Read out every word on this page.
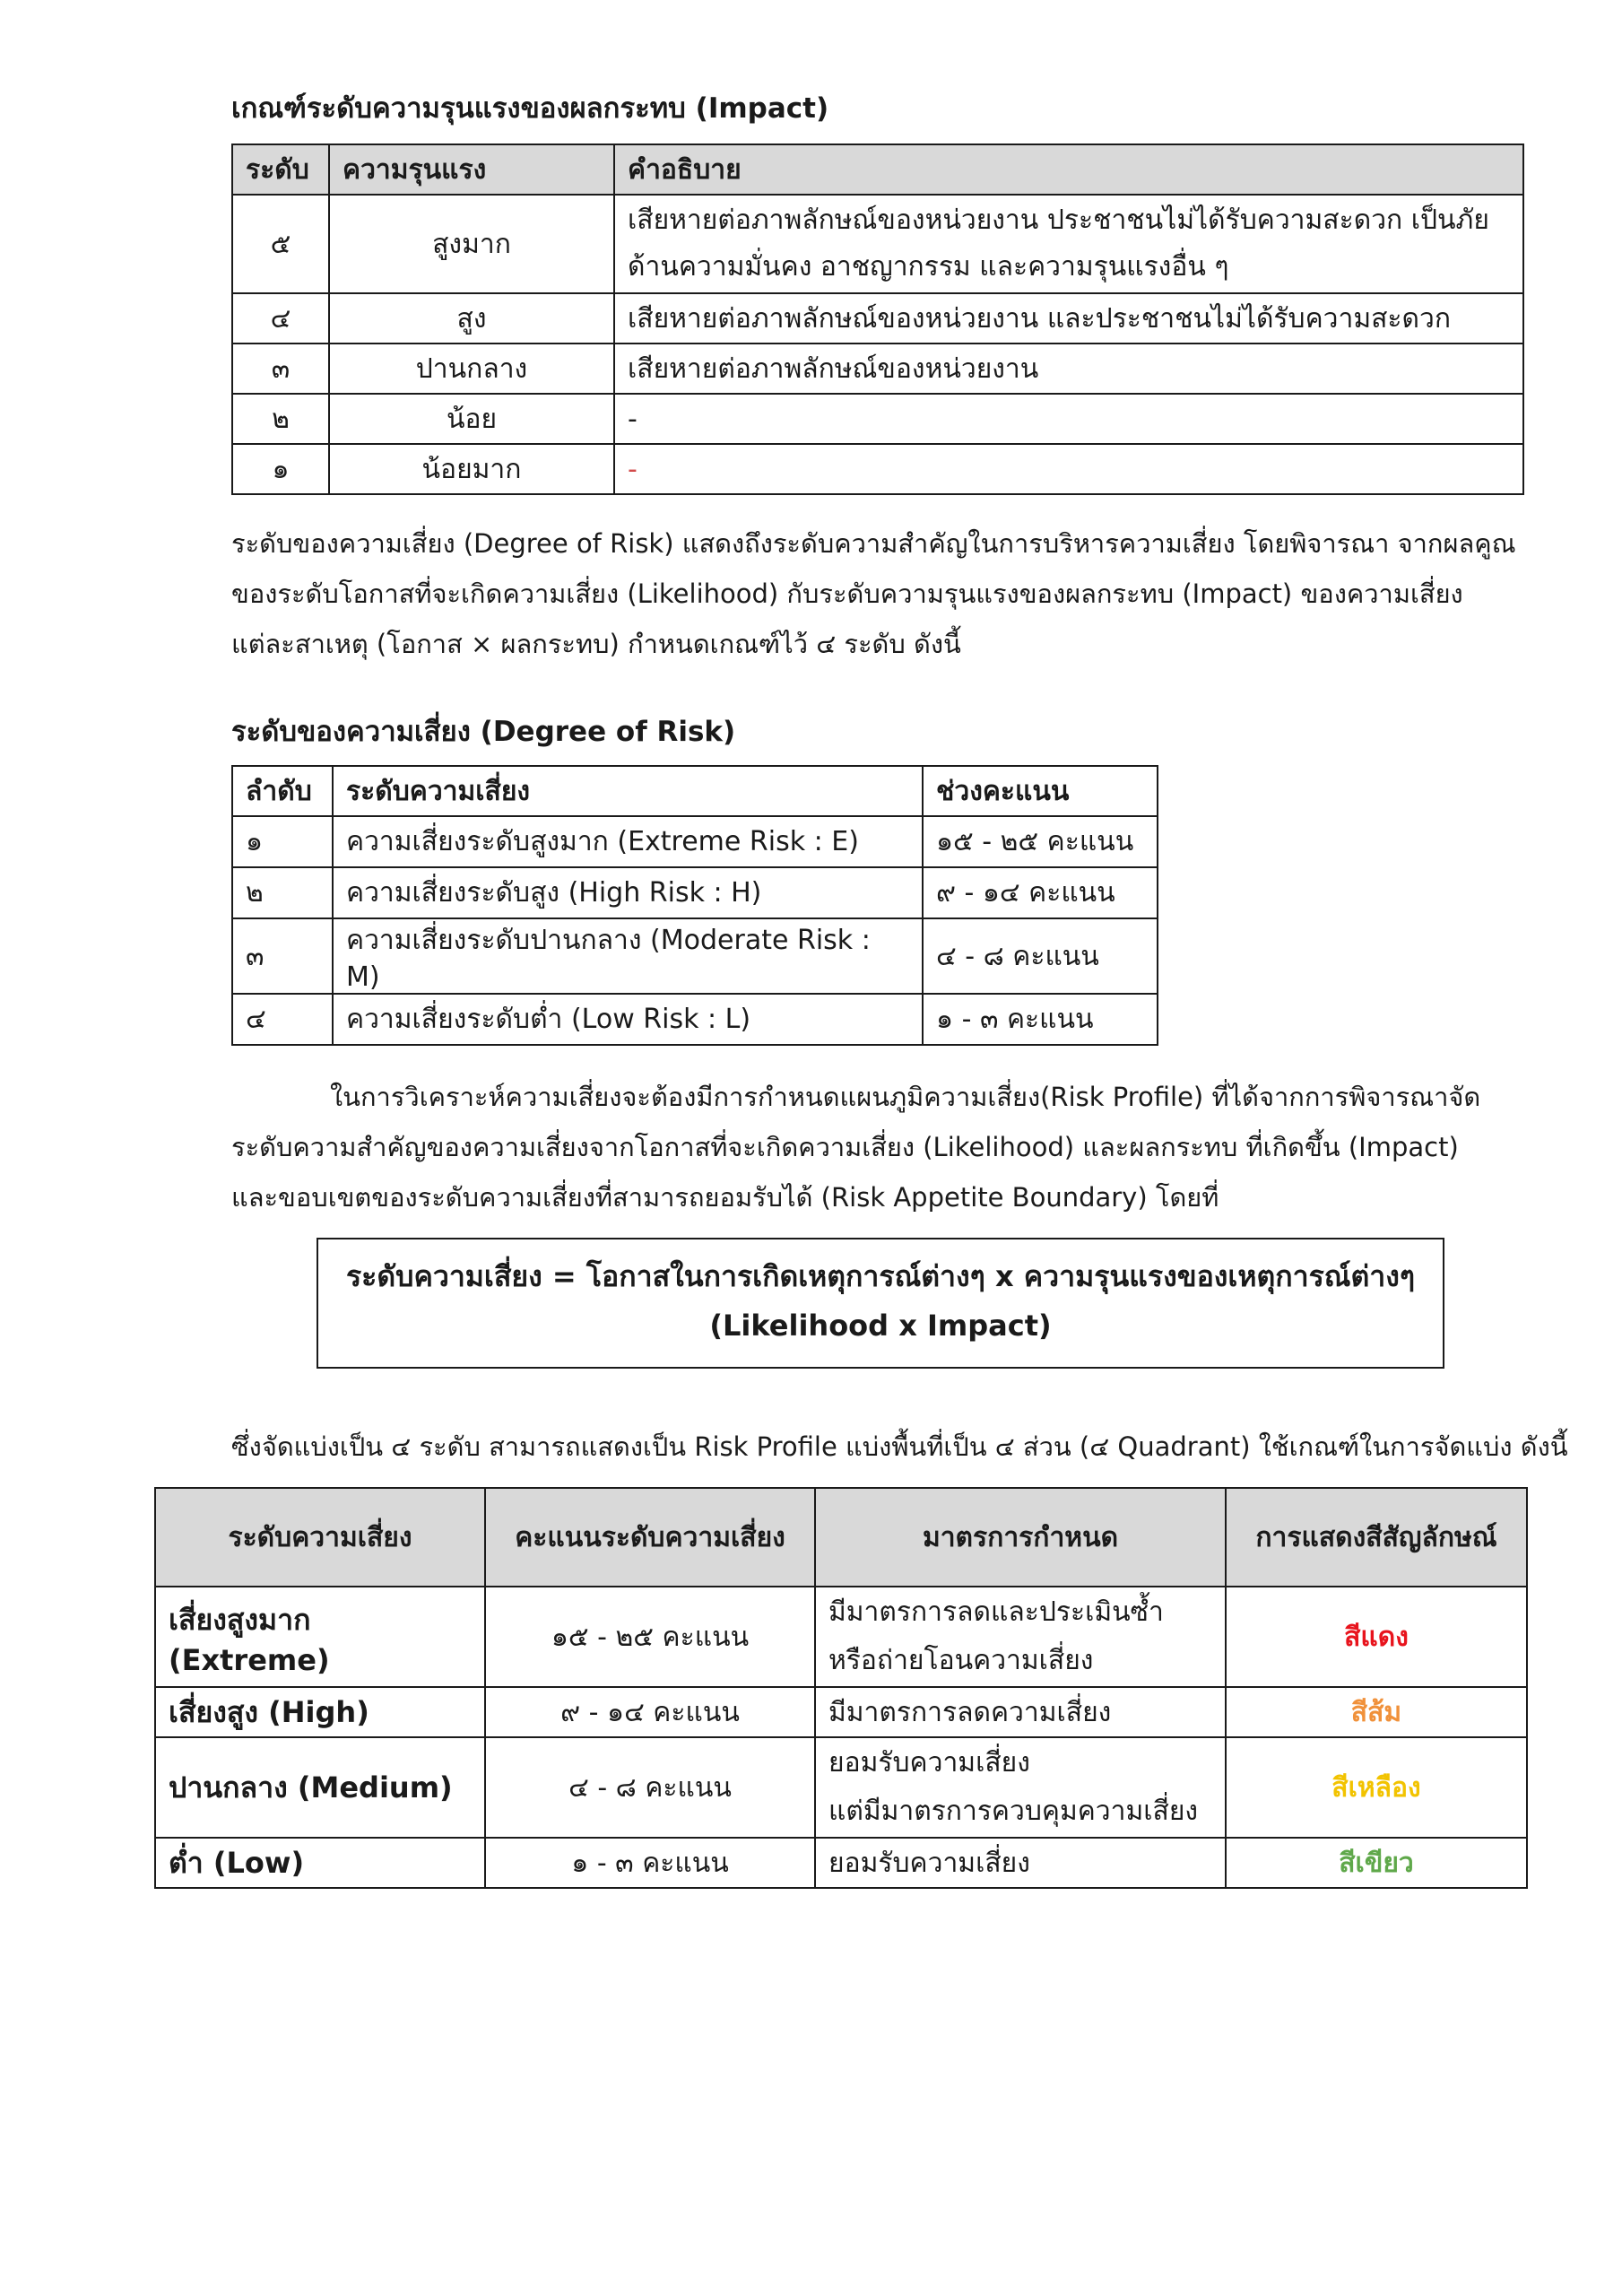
เกณฑ์ระดับความรุนแรงของผลกระทบ (Impact)
ระดับ	ความรุนแรง	คำอธิบาย
๕	สูงมาก	เสียหายต่อภาพลักษณ์ของหน่วยงาน ประชาชนไม่ได้รับความสะดวก เป็นภัย
ด้านความมั่นคง อาชญากรรม และความรุนแรงอื่น ๆ

๔	สูง	เสียหายต่อภาพลักษณ์ของหน่วยงาน และประชาชนไม่ได้รับความสะดวก
๓	ปานกลาง	เสียหายต่อภาพลักษณ์ของหน่วยงาน
๒	น้อย	-
๑	น้อยมาก	-
ระดับของความเสี่ยง (Degree of Risk) แสดงถึงระดับความสำคัญในการบริหารความเสี่ยง โดยพิจารณา จากผลคูณ
ของระดับโอกาสที่จะเกิดความเสี่ยง (Likelihood) กับระดับความรุนแรงของผลกระทบ (Impact) ของความเสี่ยง
แต่ละสาเหตุ (โอกาส × ผลกระทบ) กำหนดเกณฑ์ไว้ ๔ ระดับ ดังนี้
ระดับของความเสี่ยง (Degree of Risk)
ลำดับ	ระดับความเสี่ยง	ช่วงคะแนน
๑	ความเสี่ยงระดับสูงมาก (Extreme Risk : E)	๑๕ - ๒๕ คะแนน
๒	ความเสี่ยงระดับสูง (High Risk : H)	๙ - ๑๔ คะแนน
๓	ความเสี่ยงระดับปานกลาง (Moderate Risk : M)	๔ - ๘ คะแนน
๔	ความเสี่ยงระดับต่ำ (Low Risk : L)	๑ - ๓ คะแนน
ในการวิเคราะห์ความเสี่ยงจะต้องมีการกำหนดแผนภูมิความเสี่ยง(Risk Profile) ที่ได้จากการพิจารณาจัด
ระดับความสำคัญของความเสี่ยงจากโอกาสที่จะเกิดความเสี่ยง (Likelihood) และผลกระทบ ที่เกิดขึ้น (Impact)
และขอบเขตของระดับความเสี่ยงที่สามารถยอมรับได้ (Risk Appetite Boundary) โดยที่
ระดับความเสี่ยง = โอกาสในการเกิดเหตุการณ์ต่างๆ x ความรุนแรงของเหตุการณ์ต่างๆ
(Likelihood x Impact)
ซึ่งจัดแบ่งเป็น ๔ ระดับ สามารถแสดงเป็น Risk Profile แบ่งพื้นที่เป็น ๔ ส่วน (๔ Quadrant) ใช้เกณฑ์ในการจัดแบ่ง ดังนี้
ระดับความเสี่ยง	คะแนนระดับความเสี่ยง	มาตรการกำหนด	การแสดงสีสัญลักษณ์
เสี่ยงสูงมาก (Extreme)	๑๕ - ๒๕ คะแนน	มีมาตรการลดและประเมินซ้ำ
หรือถ่ายโอนความเสี่ยง	สีแดง
เสี่ยงสูง (High)	๙ - ๑๔ คะแนน	มีมาตรการลดความเสี่ยง	สีส้ม
ปานกลาง (Medium)	๔ - ๘ คะแนน	ยอมรับความเสี่ยง
แต่มีมาตรการควบคุมความเสี่ยง	สีเหลือง
ต่ำ (Low)	๑ - ๓ คะแนน	ยอมรับความเสี่ยง	สีเขียว
